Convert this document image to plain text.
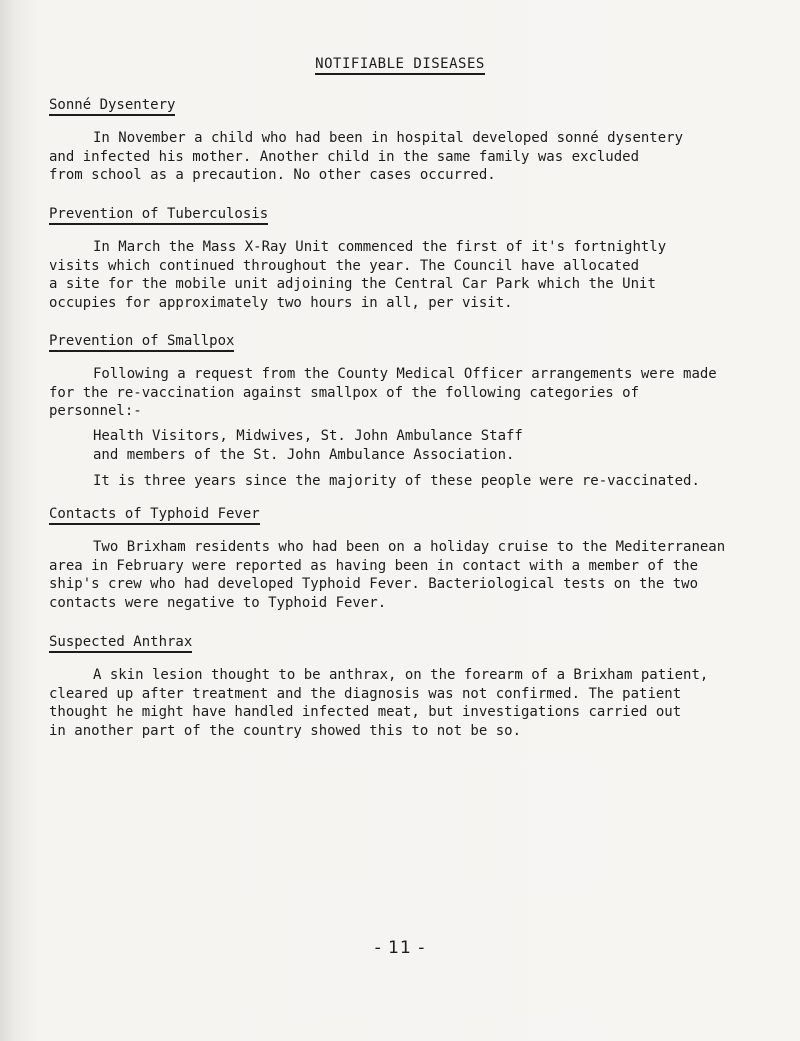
NOTIFIABLE DISEASES
Sonné Dysentery

In November a child who had been in hospital developed sonné dysentery
and infected his mother. Another child in the same family was excluded
from school as a precaution. No other cases occurred.

Prevention of Tuberculosis

In March the Mass X-Ray Unit commenced the first of it's fortnightly
visits which continued throughout the year. The Council have allocated
a site for the mobile unit adjoining the Central Car Park which the Unit
occupies for approximately two hours in all, per visit.

Prevention of Smallpox

Following a request from the County Medical Officer arrangements were made
for the re-vaccination against smallpox of the following categories of
personnel:-

Health Visitors, Midwives, St. John Ambulance Staff
and members of the St. John Ambulance Association.

It is three years since the majority of these people were re-vaccinated.

Contacts of Typhoid Fever

Two Brixham residents who had been on a holiday cruise to the Mediterranean
area in February were reported as having been in contact with a member of the
ship's crew who had developed Typhoid Fever. Bacteriological tests on the two
contacts were negative to Typhoid Fever.

Suspected Anthrax

A skin lesion thought to be anthrax, on the forearm of a Brixham patient,
cleared up after treatment and the diagnosis was not confirmed. The patient
thought he might have handled infected meat, but investigations carried out
in another part of the country showed this to not be so.

- 11 -
